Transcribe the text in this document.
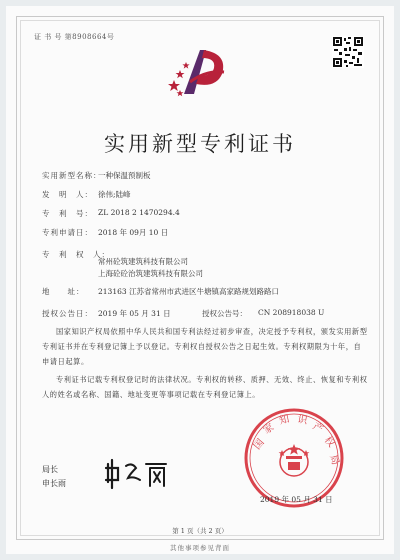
证 书 号 第8908664号
实用新型专利证书
实用新型名称：
一种保温预制板
发　明　人： 徐伟;陆峰
专　利　号： ZL 2018 2 1470294.4
专利申请日： 2018 年 09月 10 日
专　利　权　人：
常州砼筑建筑科技有限公司
上海砼砼治筑建筑科技有限公司
地　　址： 213163 江苏省常州市武进区牛塘镇高家路规划路路口
授权公告日： 2019 年 05 月 31 日	授权公告号： CN 208918038 U
国家知识产权局依照中华人民共和国专利法经过初步审查，决定授予专利权，颁发实用新型专利证书并在专利登记簿上予以登记。专利权自授权公告之日起生效。专利权期限为十年，自申请日起算。
专利证书记载专利权登记时的法律状况。专利权的转移、质押、无效、终止、恢复和专利权人的姓名或名称、国籍、地址变更等事项记载在专利登记簿上。
局长
申长雨
国
家
知 识
产
权
局
2019 年 05 月 31 日
第 1 页（共 2 页）
其他事项参见背面
